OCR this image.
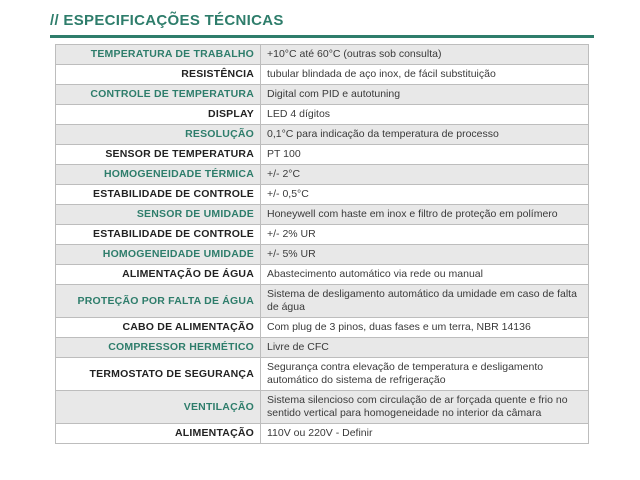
// ESPECIFICAÇÕES TÉCNICAS
TEMPERATURA DE TRABALHO	+10°C até 60°C (outras sob consulta)
RESISTÊNCIA	tubular blindada de aço inox, de fácil substituição
CONTROLE DE TEMPERATURA	Digital com PID e autotuning
DISPLAY	LED 4 dígitos
RESOLUÇÃO	0,1°C para indicação da temperatura de processo
SENSOR DE TEMPERATURA	PT 100
HOMOGENEIDADE TÉRMICA	+/- 2°C
ESTABILIDADE DE CONTROLE	+/- 0,5°C
SENSOR DE UMIDADE	Honeywell com haste em inox e filtro de proteção em polímero
ESTABILIDADE DE CONTROLE	+/- 2% UR
HOMOGENEIDADE UMIDADE	+/- 5% UR
ALIMENTAÇÃO DE ÁGUA	Abastecimento automático via rede ou manual
PROTEÇÃO POR FALTA DE ÁGUA	Sistema de desligamento automático da umidade em caso de falta de água
CABO DE ALIMENTAÇÃO	Com plug de 3 pinos, duas fases e um terra, NBR 14136
COMPRESSOR HERMÉTICO	Livre de CFC
TERMOSTATO DE SEGURANÇA	Segurança contra elevação de temperatura e desligamento automático do sistema de refrigeração
VENTILAÇÃO	Sistema silencioso com circulação de ar forçada quente e frio no sentido vertical para homogeneidade no interior da câmara
ALIMENTAÇÃO	110V ou 220V - Definir
